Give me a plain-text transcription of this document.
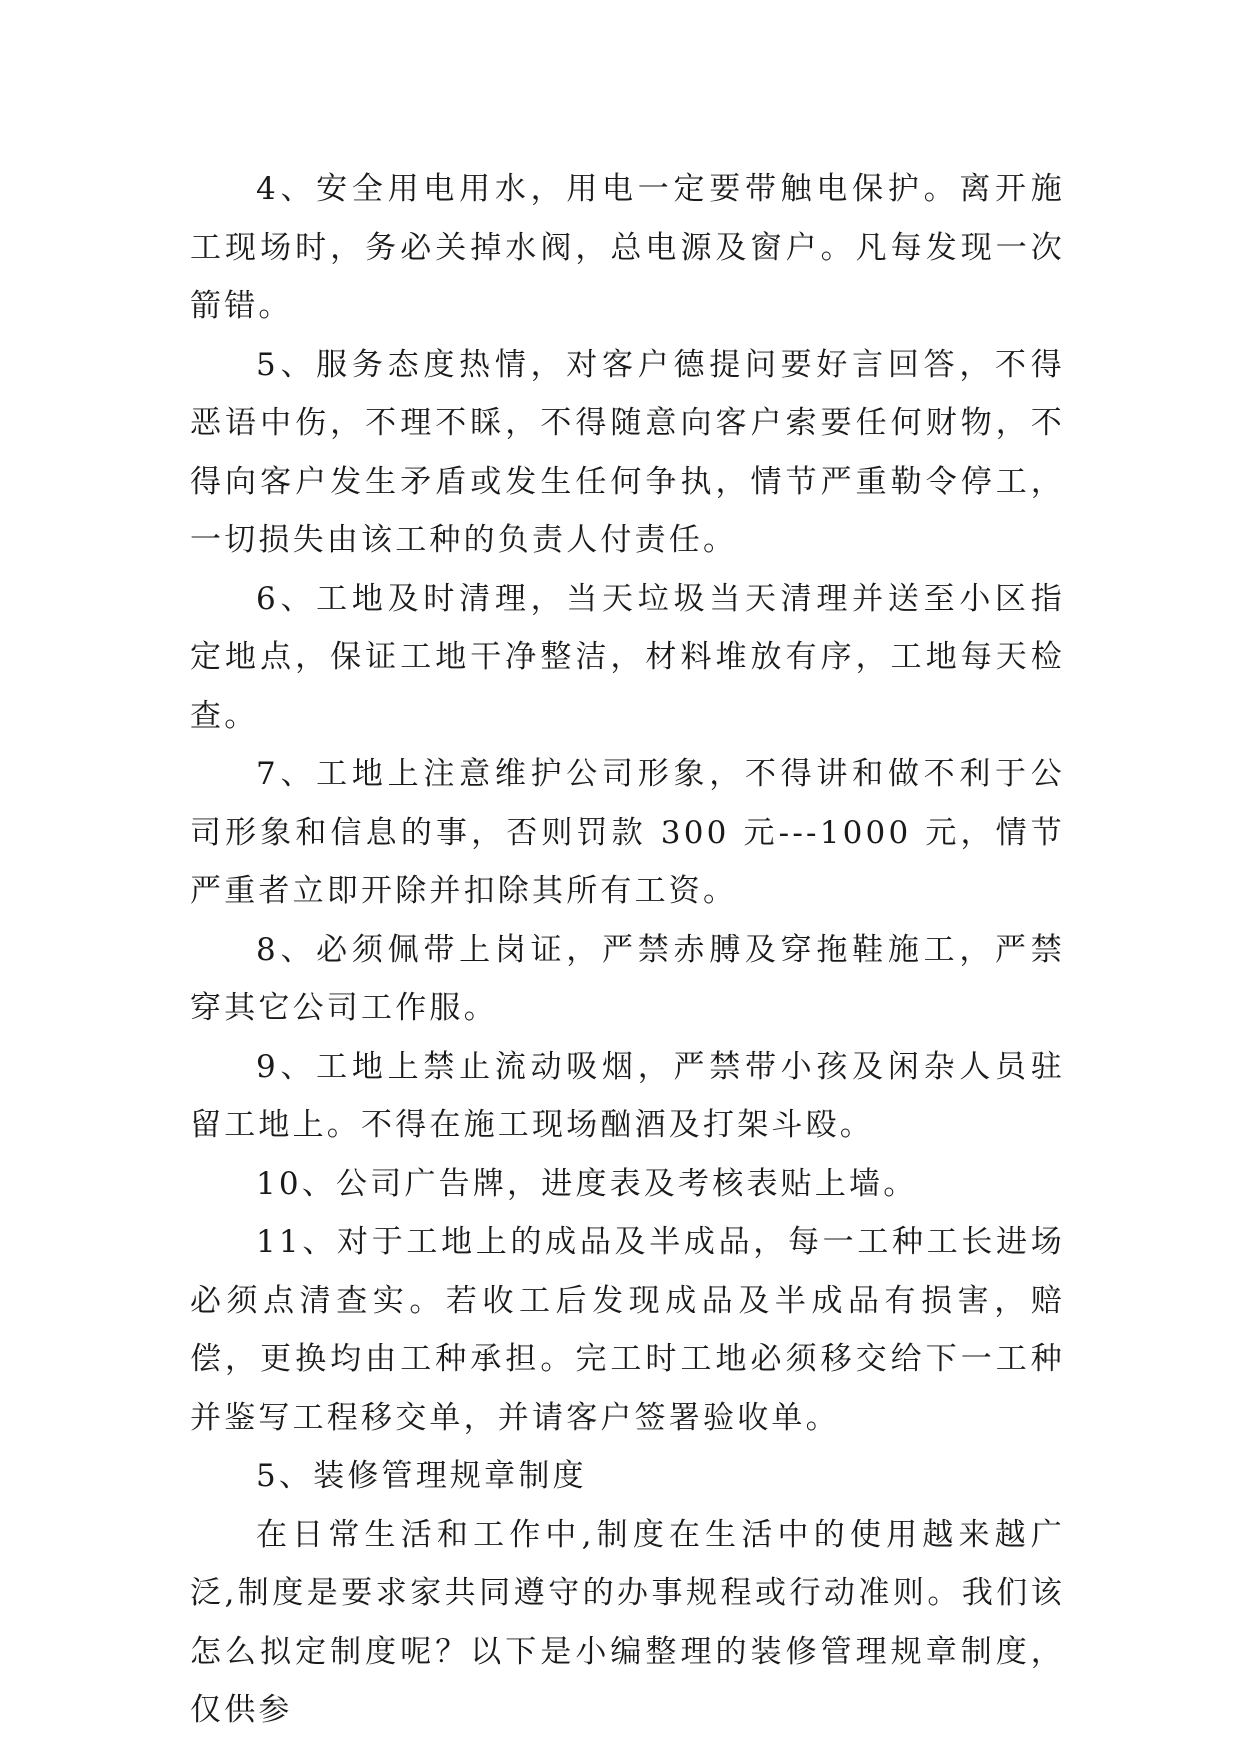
4、安全用电用水，用电一定要带触电保护。离开施工现场时，务必关掉水阀，总电源及窗户。凡每发现一次箭错。

5、服务态度热情，对客户德提问要好言回答，不得恶语中伤，不理不睬，不得随意向客户索要任何财物，不得向客户发生矛盾或发生任何争执，情节严重勒令停工，一切损失由该工种的负责人付责任。

6、工地及时清理，当天垃圾当天清理并送至小区指定地点，保证工地干净整洁，材料堆放有序，工地每天检查。

7、工地上注意维护公司形象，不得讲和做不利于公司形象和信息的事，否则罚款 300 元---1000 元，情节严重者立即开除并扣除其所有工资。

8、必须佩带上岗证，严禁赤膊及穿拖鞋施工，严禁穿其它公司工作服。

9、工地上禁止流动吸烟，严禁带小孩及闲杂人员驻留工地上。不得在施工现场酗酒及打架斗殴。

10、公司广告牌，进度表及考核表贴上墙。

11、对于工地上的成品及半成品，每一工种工长进场必须点清查实。若收工后发现成品及半成品有损害，赔偿，更换均由工种承担。完工时工地必须移交给下一工种并鉴写工程移交单，并请客户签署验收单。

5、装修管理规章制度

在日常生活和工作中,制度在生活中的使用越来越广泛,制度是要求家共同遵守的办事规程或行动准则。我们该怎么拟定制度呢？以下是小编整理的装修管理规章制度，仅供参
